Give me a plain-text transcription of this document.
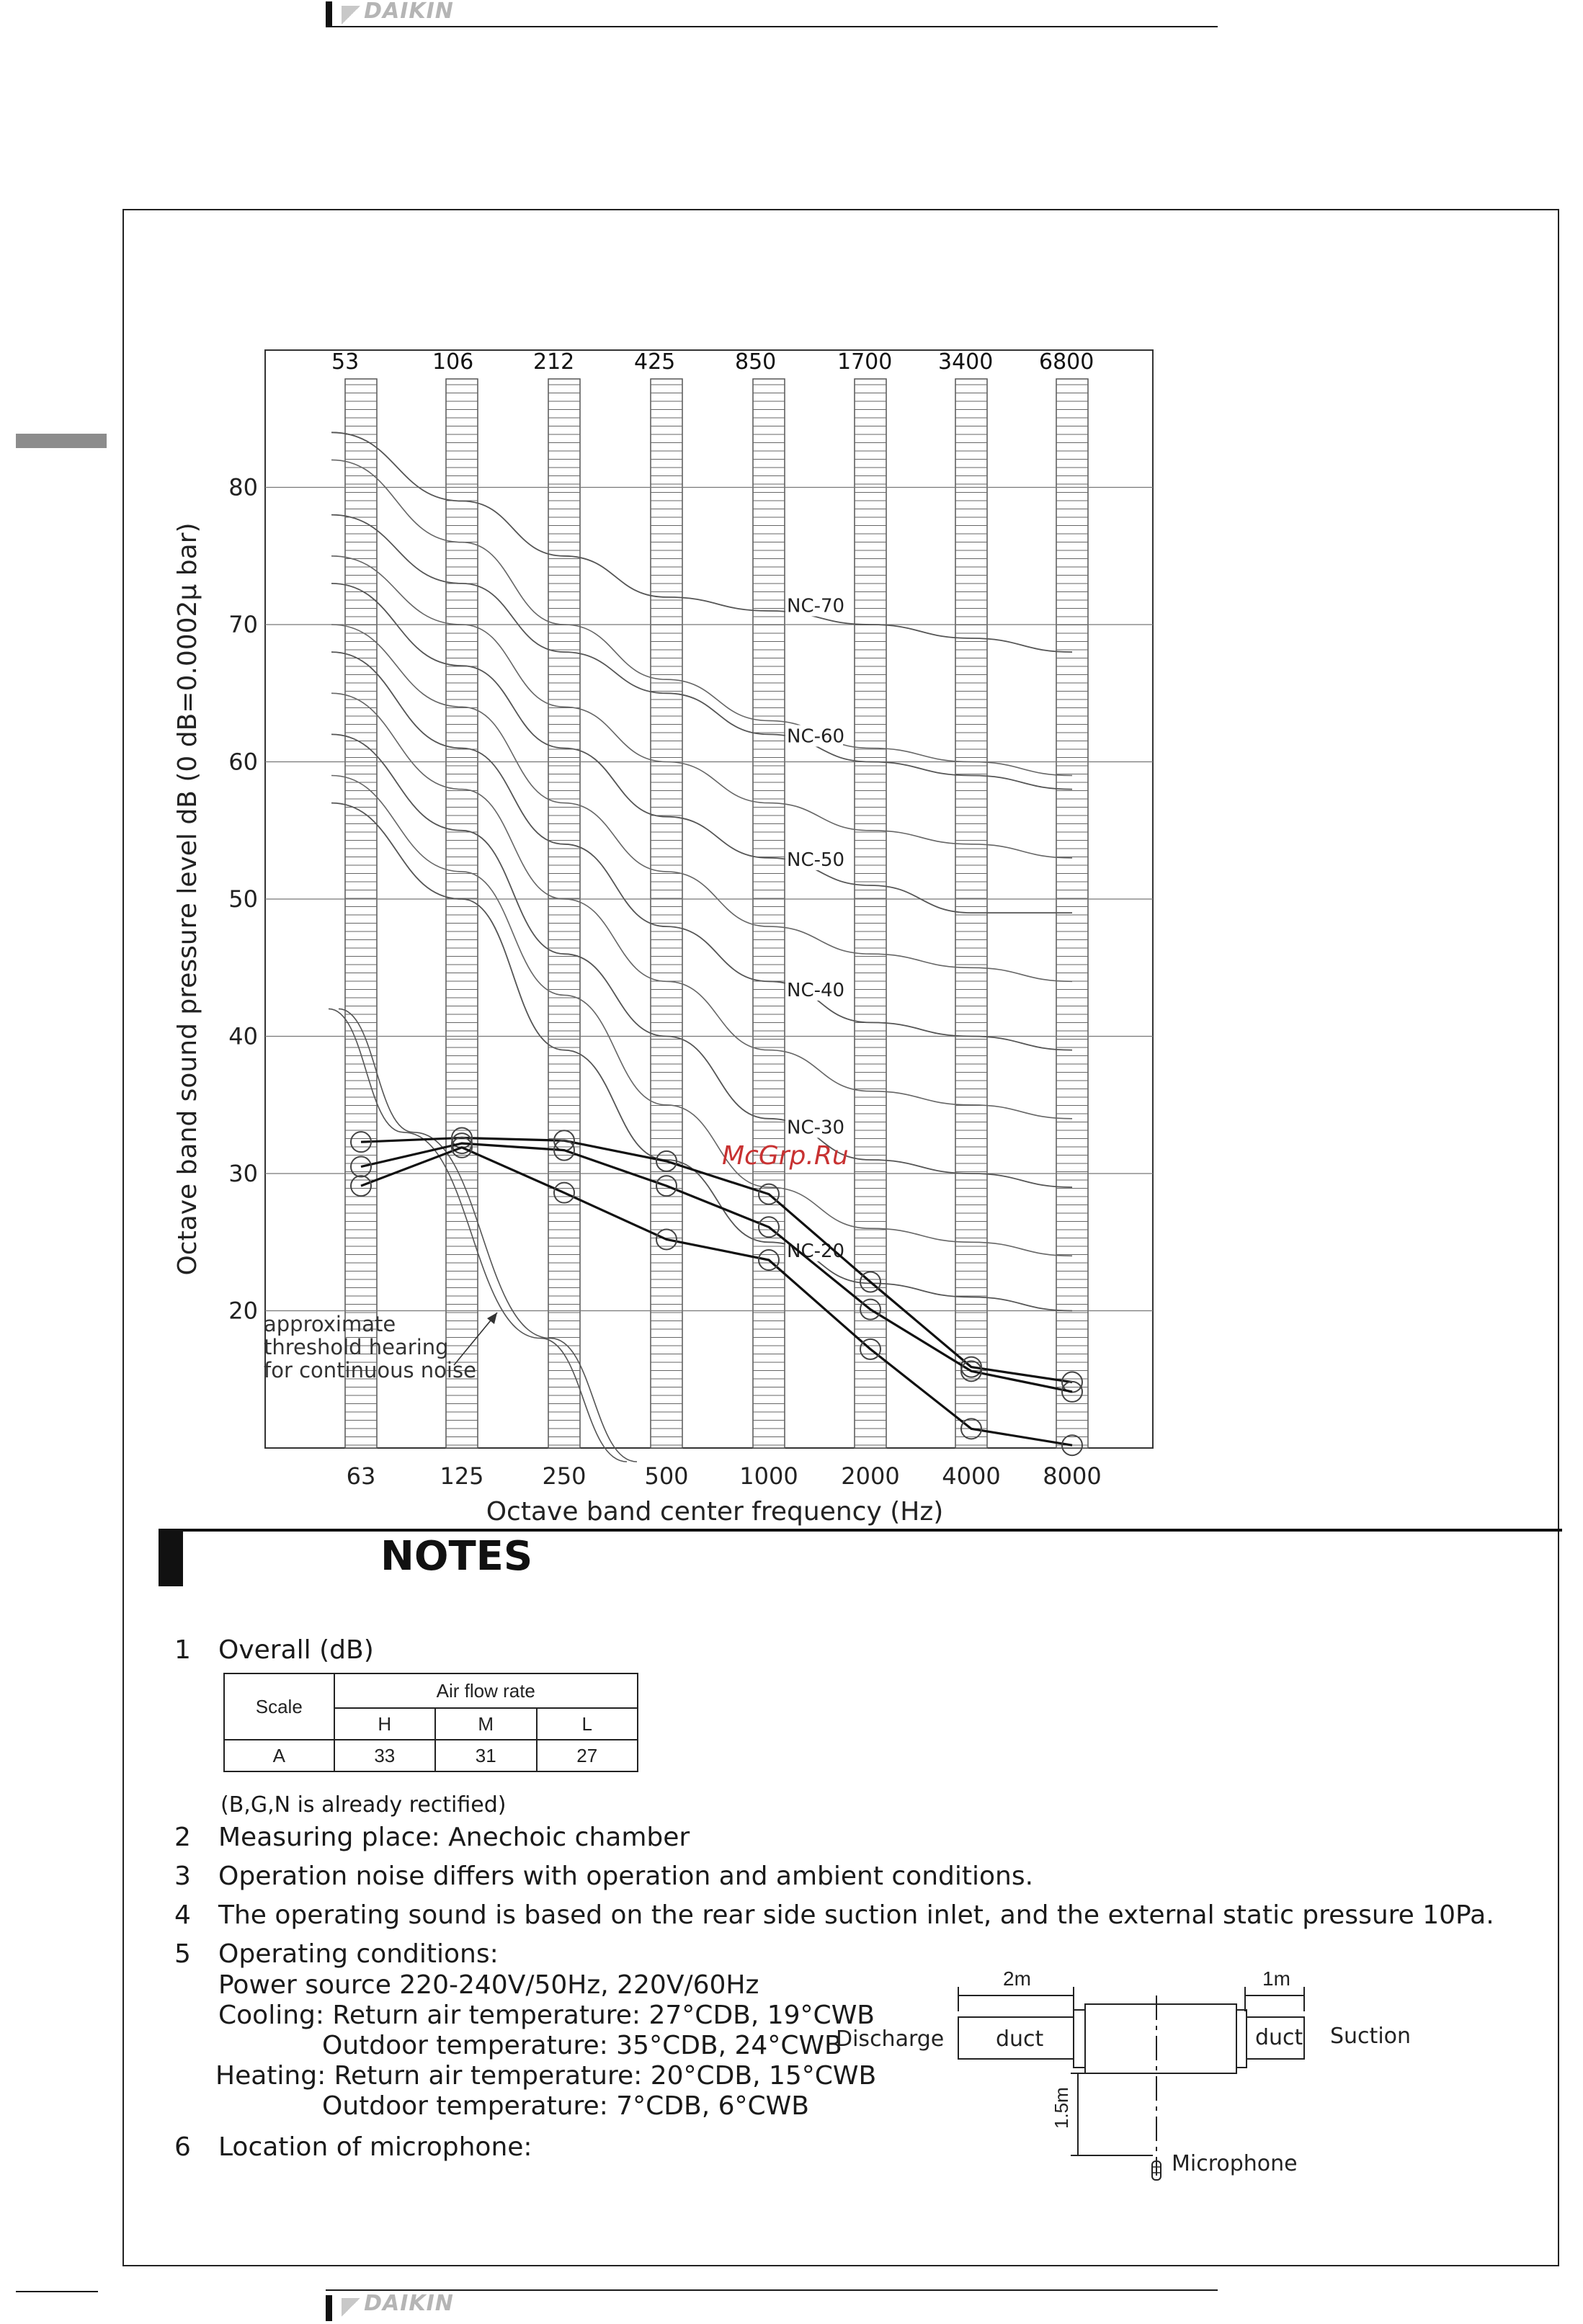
DAIKIN
20
30
40
50
60
70
80
53	106	212	425	850	1700 3400 6800
63	125	250	500 1000 2000 4000 8000
Octave band center frequency (Hz)
Octave band sound pressure level dB (0 dB=0.0002μ bar)	NC-70
NC-60
NC-50
NC-40
NC-30
NC-20
approximate
threshold hearing
for continuous noise
McGrp.Ru
NOTES
1 Overall (dB)
Scale	Air flow rate		
	H	M	L
A	33	31	27
(B,G,N is already rectified)
2 Measuring place: Anechoic chamber
3 Operation noise differs with operation and ambient conditions.
4 The operating sound is based on the rear side suction inlet, and the external static pressure 10Pa.
5 Operating conditions:
Power source 220-240V/50Hz, 220V/60Hz
Cooling: Return air temperature: 27°CDB, 19°CWB
Outdoor temperature: 35°CDB, 24°CWB
Heating: Return air temperature: 20°CDB, 15°CWB
Outdoor temperature: 7°CDB, 6°CWB
6 Location of microphone:
2m	1m
1.5m
Discharge duct	duct Suction
Microphone
DAIKIN
